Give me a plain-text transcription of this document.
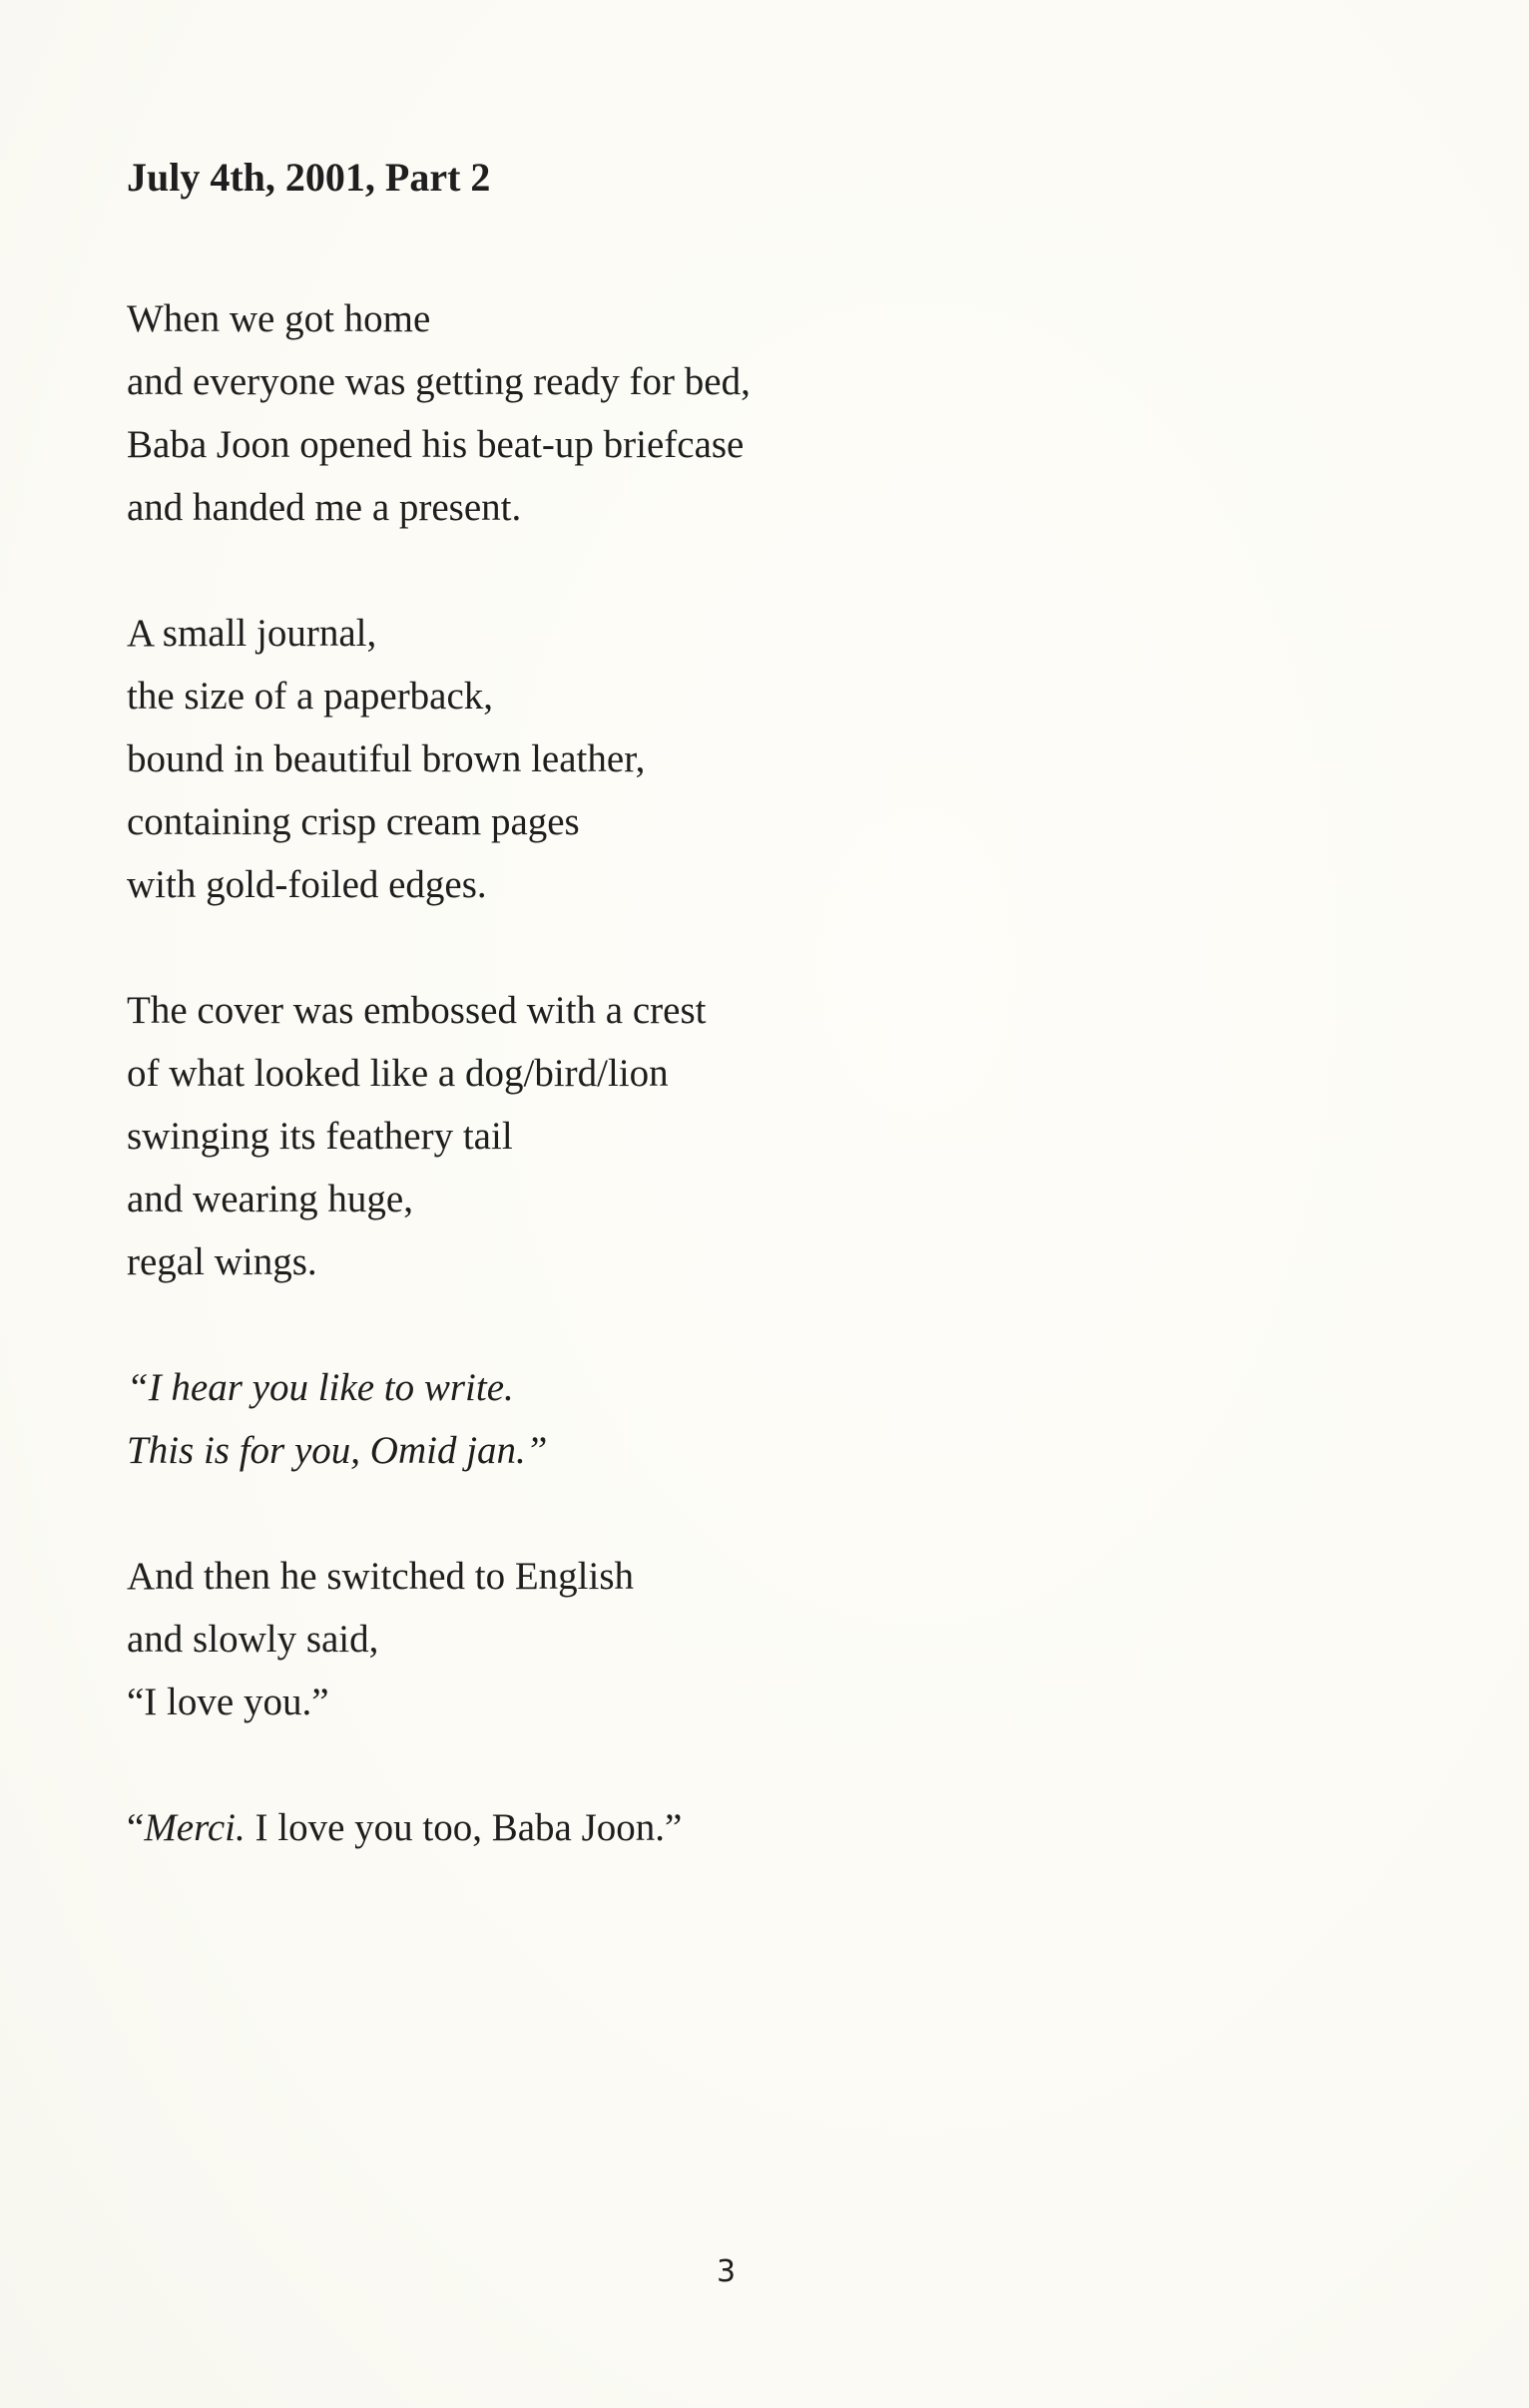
July 4th, 2001, Part 2

When we got home
and everyone was getting ready for bed,
Baba Joon opened his beat-up briefcase
and handed me a present.

A small journal,
the size of a paperback,
bound in beautiful brown leather,
containing crisp cream pages
with gold-foiled edges.

The cover was embossed with a crest
of what looked like a dog/bird/lion
swinging its feathery tail
and wearing huge,
regal wings.

“I hear you like to write.
This is for you, Omid jan.”

And then he switched to English
and slowly said,
“I love you.”

“Merci. I love you too, Baba Joon.”

3
